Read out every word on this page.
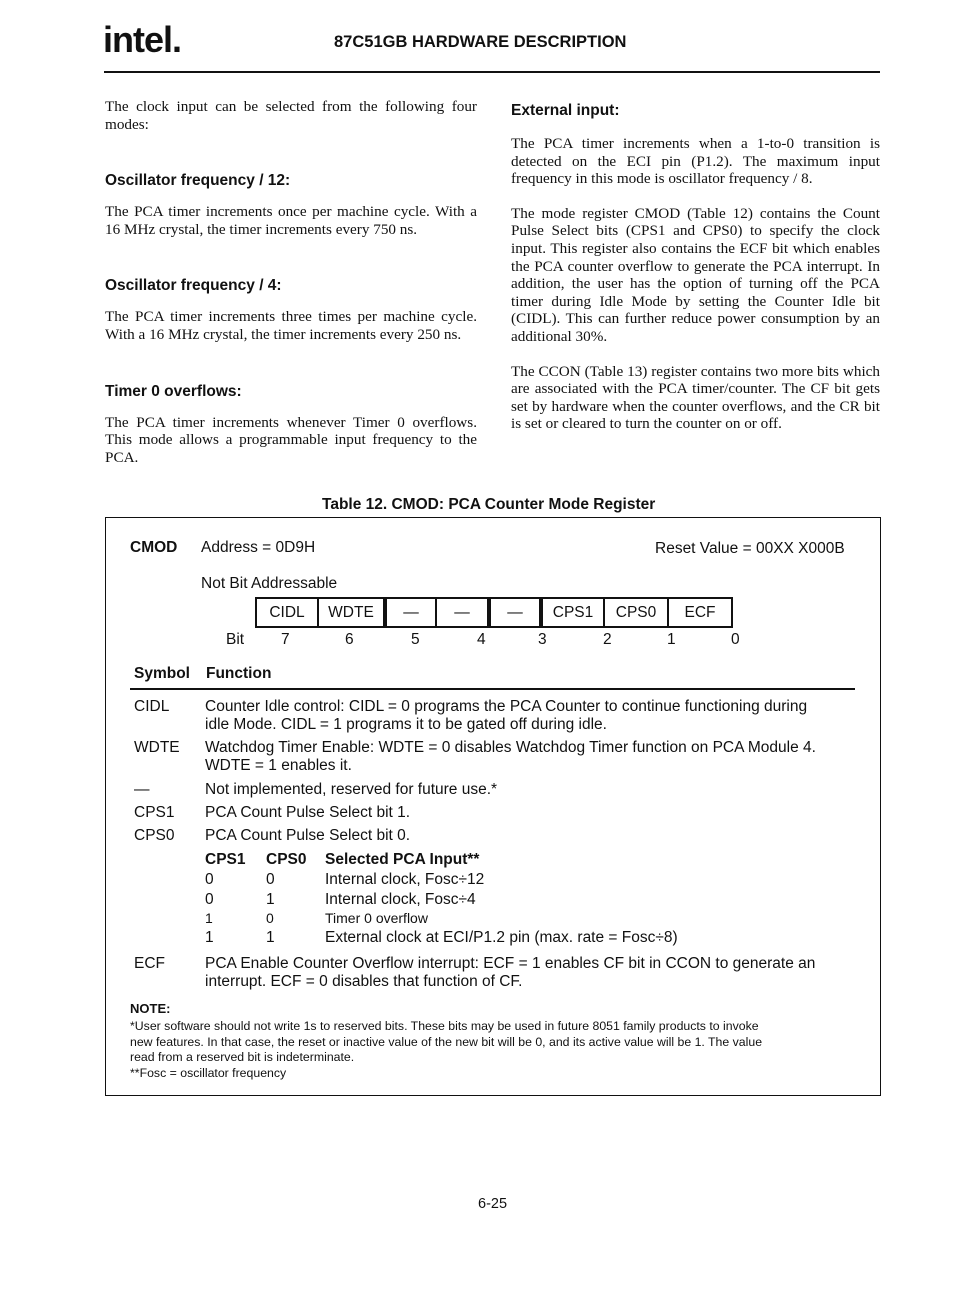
intel.	87C51GB HARDWARE DESCRIPTION

The clock input can be selected from the following four modes:

Oscillator frequency / 12:

The PCA timer increments once per machine cycle. With a 16 MHz crystal, the timer increments every 750 ns.

Oscillator frequency / 4:

The PCA timer increments three times per machine cycle. With a 16 MHz crystal, the timer increments every 250 ns.

Timer 0 overflows:

The PCA timer increments whenever Timer 0 overflows. This mode allows a programmable input frequency to the PCA.

External input:

The PCA timer increments when a 1-to-0 transition is detected on the ECI pin (P1.2). The maximum input frequency in this mode is oscillator frequency / 8.

The mode register CMOD (Table 12) contains the Count Pulse Select bits (CPS1 and CPS0) to specify the clock input. This register also contains the ECF bit which enables the PCA counter overflow to generate the PCA interrupt. In addition, the user has the option of turning off the PCA timer during Idle Mode by setting the Counter Idle bit (CIDL). This can further reduce power consumption by an additional 30%.

The CCON (Table 13) register contains two more bits which are associated with the PCA timer/counter. The CF bit gets set by hardware when the counter overflows, and the CR bit is set or cleared to turn the counter on or off.

Table 12. CMOD: PCA Counter Mode Register
CMOD Address = 0D9H	Reset Value = 00XX X000B
Not Bit Addressable
CIDL	WDTE	—	—	—	CPS1	CPS0	ECF
Bit 7	6	5	4	3	2	1	0
Symbol Function
CIDL Counter Idle control: CIDL = 0 programs the PCA Counter to continue functioning during
idle Mode. CIDL = 1 programs it to be gated off during idle.
WDTE Watchdog Timer Enable: WDTE = 0 disables Watchdog Timer function on PCA Module 4.
WDTE = 1 enables it.
—	Not implemented, reserved for future use.*
CPS1 PCA Count Pulse Select bit 1.
CPS0 PCA Count Pulse Select bit 0.
CPS1 CPS0 Selected PCA Input**
0	0	Internal clock, Fosc÷12
0	1	Internal clock, Fosc÷4
1	0	Timer 0 overflow
1	1	External clock at ECI/P1.2 pin (max. rate = Fosc÷8)
ECF	PCA Enable Counter Overflow interrupt: ECF = 1 enables CF bit in CCON to generate an
interrupt. ECF = 0 disables that function of CF.
NOTE:
*User software should not write 1s to reserved bits. These bits may be used in future 8051 family products to invoke
new features. In that case, the reset or inactive value of the new bit will be 0, and its active value will be 1. The value
read from a reserved bit is indeterminate.
**Fosc = oscillator frequency
6-25
